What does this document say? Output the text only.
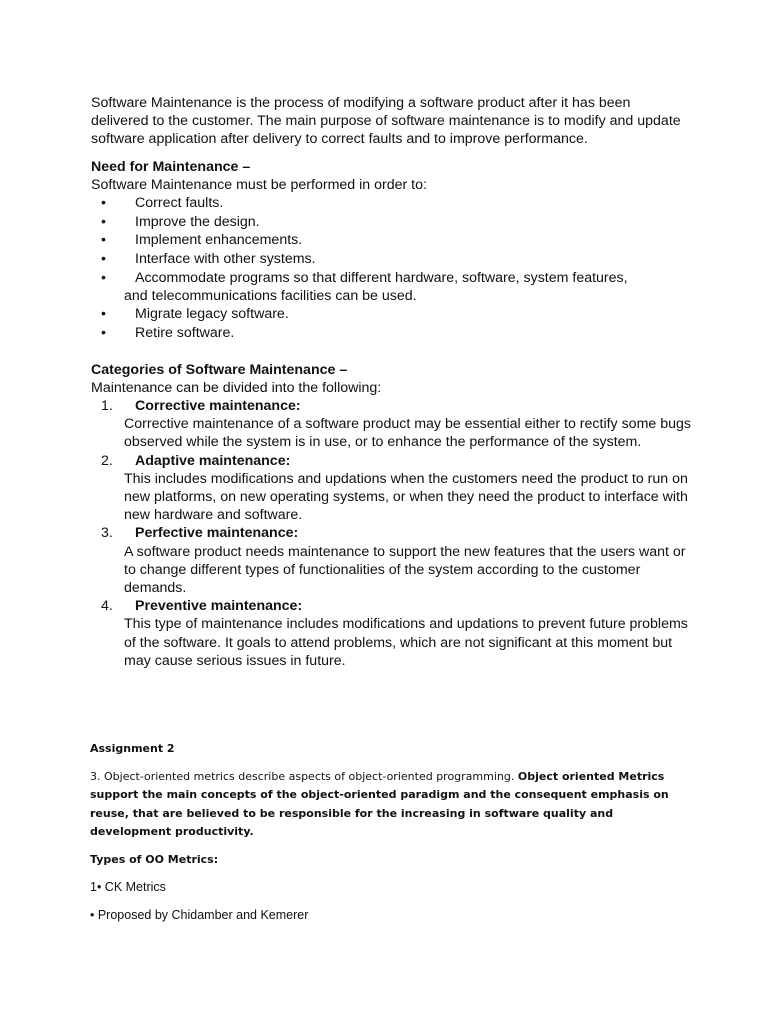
Software Maintenance is the process of modifying a software product after it has been delivered to the customer. The main purpose of software maintenance is to modify and update software application after delivery to correct faults and to improve performance.

Need for Maintenance –

Software Maintenance must be performed in order to:

• Correct faults.
• Improve the design.
• Implement enhancements.
• Interface with other systems.
• Accommodate programs so that different hardware, software, system features,
and telecommunications facilities can be used.
• Migrate legacy software.
• Retire software.

Categories of Software Maintenance –

Maintenance can be divided into the following:

1.	Corrective maintenance:
Corrective maintenance of a software product may be essential either to rectify some bugs observed while the system is in use, or to enhance the performance of the system.
2.	Adaptive maintenance:
This includes modifications and updations when the customers need the product to run on new platforms, on new operating systems, or when they need the product to interface with new hardware and software.
3.	Perfective maintenance:
A software product needs maintenance to support the new features that the users want or to change different types of functionalities of the system according to the customer demands.
4.	Preventive maintenance:
This type of maintenance includes modifications and updations to prevent future problems of the software. It goals to attend problems, which are not significant at this moment but may cause serious issues in future.

Assignment 2

3. Object-oriented metrics describe aspects of object-oriented programming. Object oriented Metrics support the main concepts of the object-oriented paradigm and the consequent emphasis on reuse, that are believed to be responsible for the increasing in software quality and development productivity.

Types of OO Metrics:

1• CK Metrics

• Proposed by Chidamber and Kemerer
